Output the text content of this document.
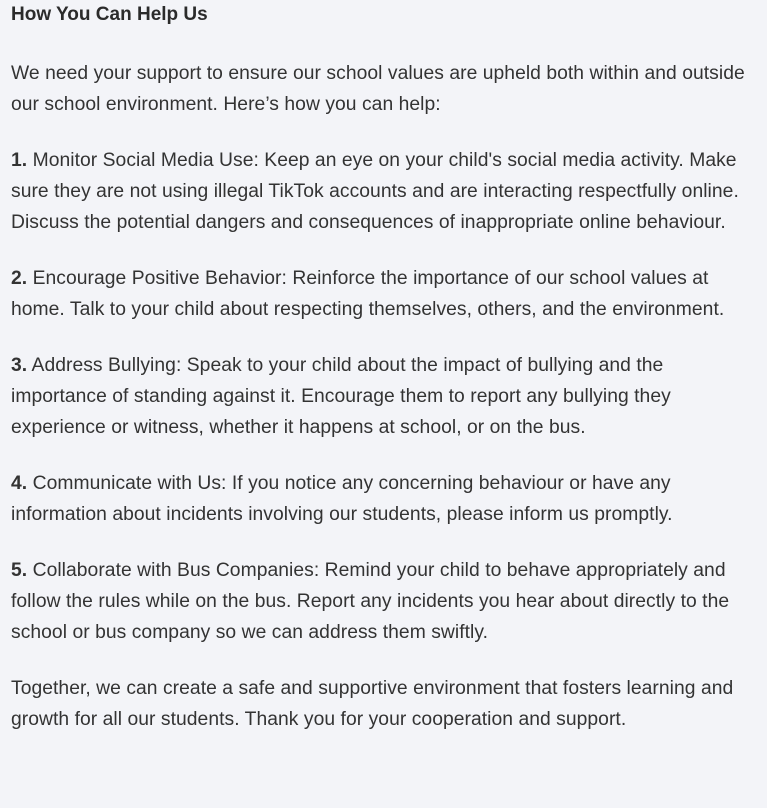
How You Can Help Us

We need your support to ensure our school values are upheld both within and outside our school environment. Here’s how you can help:

1. Monitor Social Media Use: Keep an eye on your child's social media activity. Make sure they are not using illegal TikTok accounts and are interacting respectfully online. Discuss the potential dangers and consequences of inappropriate online behaviour.

2. Encourage Positive Behavior: Reinforce the importance of our school values at home. Talk to your child about respecting themselves, others, and the environment.

3. Address Bullying: Speak to your child about the impact of bullying and the importance of standing against it. Encourage them to report any bullying they experience or witness, whether it happens at school, or on the bus.

4. Communicate with Us: If you notice any concerning behaviour or have any information about incidents involving our students, please inform us promptly.

5. Collaborate with Bus Companies: Remind your child to behave appropriately and follow the rules while on the bus. Report any incidents you hear about directly to the school or bus company so we can address them swiftly.

Together, we can create a safe and supportive environment that fosters learning and growth for all our students. Thank you for your cooperation and support.
